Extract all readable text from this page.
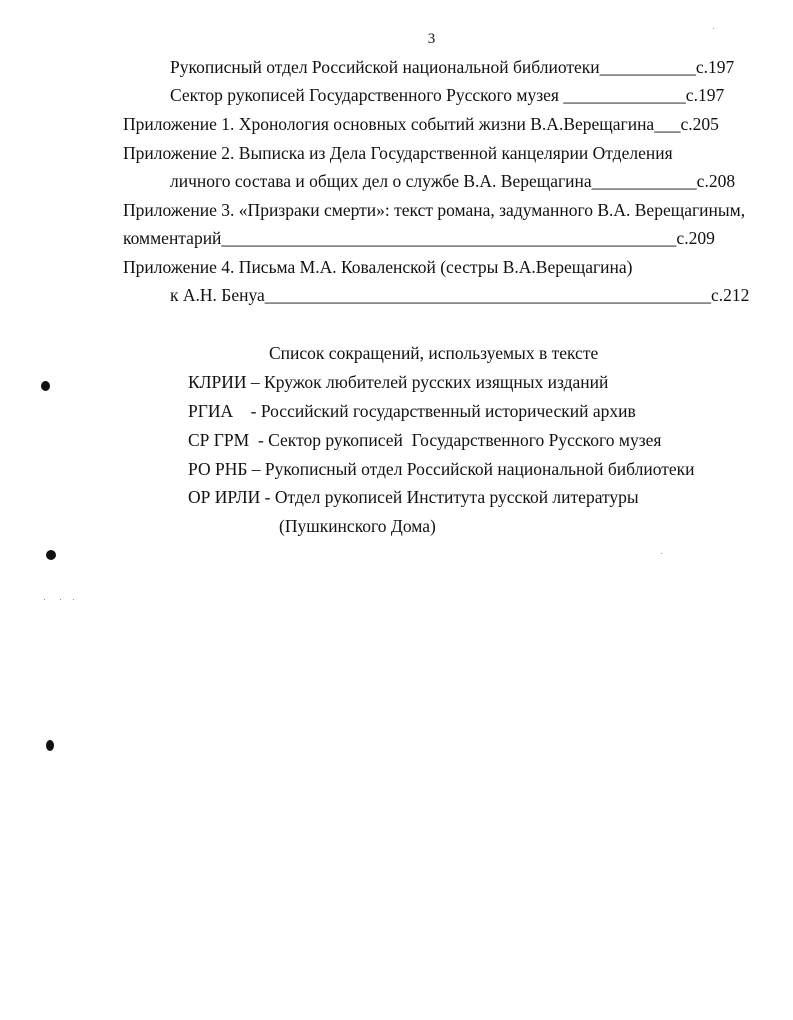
3
Рукописный отдел Российской национальной библиотеки___________с.197
Сектор рукописей Государственного Русского музея ______________с.197
Приложение 1. Хронология основных событий жизни В.А.Верещагина___с.205
Приложение 2. Выписка из Дела Государственной канцелярии Отделения
личного состава и общих дел о службе В.А. Верещагина____________с.208
Приложение 3. «Призраки смерти»: текст романа, задуманного В.А. Верещагиным,
комментарий____________________________________________________с.209
Приложение 4. Письма М.А. Коваленской (сестры В.А.Верещагина)
к А.Н. Бенуа___________________________________________________с.212
Список сокращений, используемых в тексте
КЛРИИ – Кружок любителей русских изящных изданий
РГИА    - Российский государственный исторический архив
СР ГРМ  - Сектор рукописей  Государственного Русского музея
РО РНБ – Рукописный отдел Российской национальной библиотеки
ОР ИРЛИ - Отдел рукописей Института русской литературы
(Пушкинского Дома)
